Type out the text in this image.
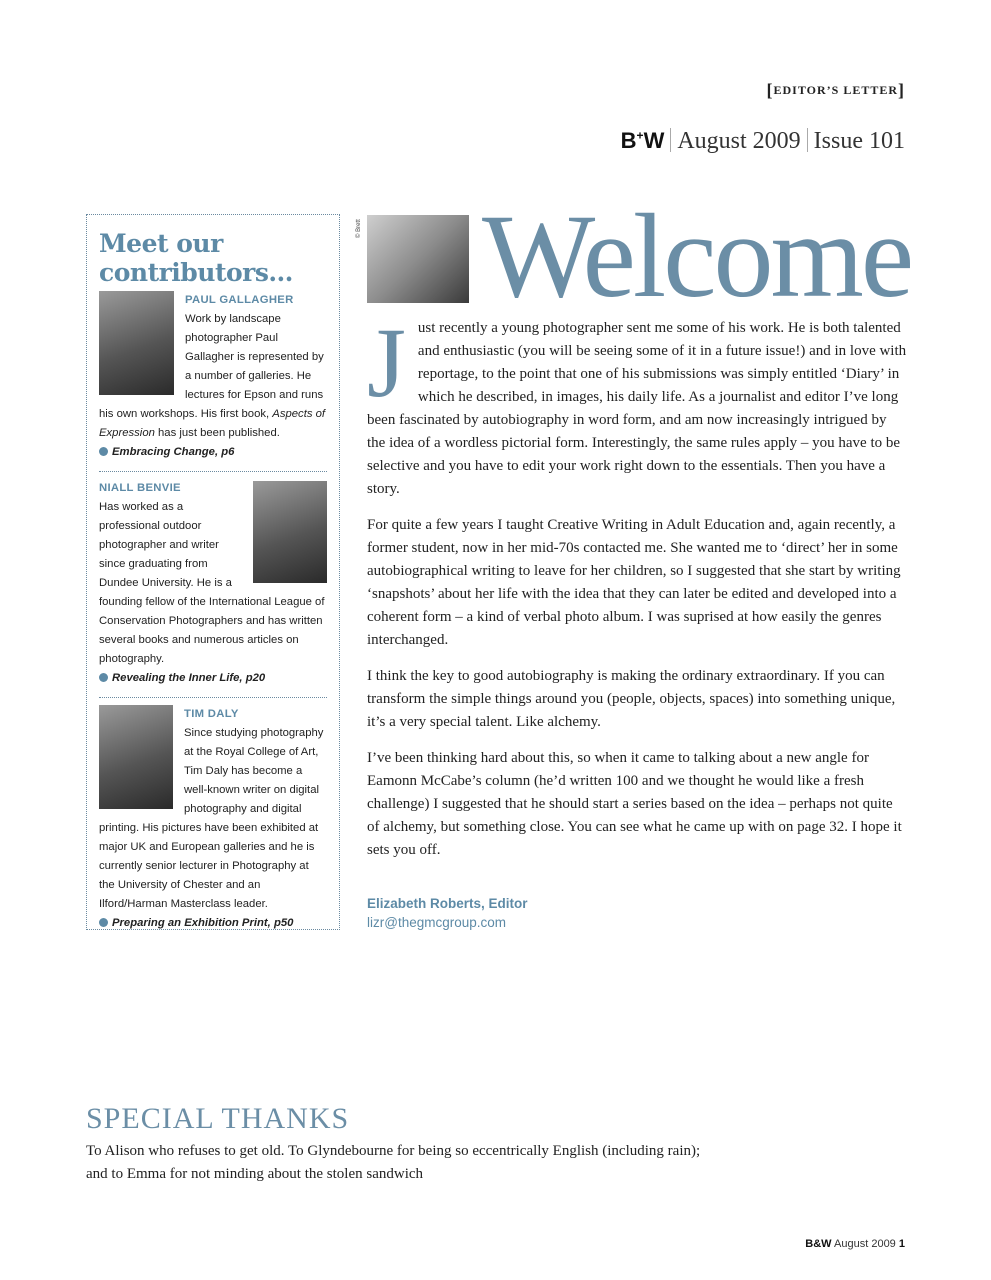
[EDITOR’S LETTER]
B+W August 2009 Issue 101
Meet our
contributors…
PAUL GALLAGHER
Work by landscape photographer Paul Gallagher is represented by a number of galleries. He lectures for Epson and runs his own workshops. His first book, Aspects of Expression has just been published.
Embracing Change, p6
NIALL BENVIE
Has worked as a professional outdoor photographer and writer since graduating from Dundee University. He is a founding fellow of the International League of Conservation Photographers and has written several books and numerous articles on photography.
Revealing the Inner Life, p20
TIM DALY
Since studying photography at the Royal College of Art, Tim Daly has become a well-known writer on digital photography and digital printing. His pictures have been exhibited at major UK and European galleries and he is currently senior lecturer in Photography at the University of Chester and an Ilford/Harman Masterclass leader.
Preparing an Exhibition Print, p50
© Brett Welcome

Just recently a young photographer sent me some of his work. He is both talented and enthusiastic (you will be seeing some of it in a future issue!) and in love with reportage, to the point that one of his submissions was simply entitled ‘Diary’ in which he described, in images, his daily life. As a journalist and editor I’ve long been fascinated by autobiography in word form, and am now increasingly intrigued by the idea of a wordless pictorial form. Interestingly, the same rules apply – you have to be selective and you have to edit your work right down to the essentials. Then you have a story.

For quite a few years I taught Creative Writing in Adult Education and, again recently, a former student, now in her mid-70s contacted me. She wanted me to ‘direct’ her in some autobiographical writing to leave for her children, so I suggested that she start by writing ‘snapshots’ about her life with the idea that they can later be edited and developed into a coherent form – a kind of verbal photo album. I was suprised at how easily the genres interchanged.

I think the key to good autobiography is making the ordinary extraordinary. If you can transform the simple things around you (people, objects, spaces) into something unique, it’s a very special talent. Like alchemy.

I’ve been thinking hard about this, so when it came to talking about a new angle for Eamonn McCabe’s column (he’d written 100 and we thought he would like a fresh challenge) I suggested that he should start a series based on the idea – perhaps not quite of alchemy, but something close. You can see what he came up with on page 32. I hope it sets you off.

Elizabeth Roberts, Editor
lizr@thegmcgroup.com
SPECIAL THANKS
To Alison who refuses to get old. To Glyndebourne for being so eccentrically English (including rain);
and to Emma for not minding about the stolen sandwich
B&W August 2009 1
